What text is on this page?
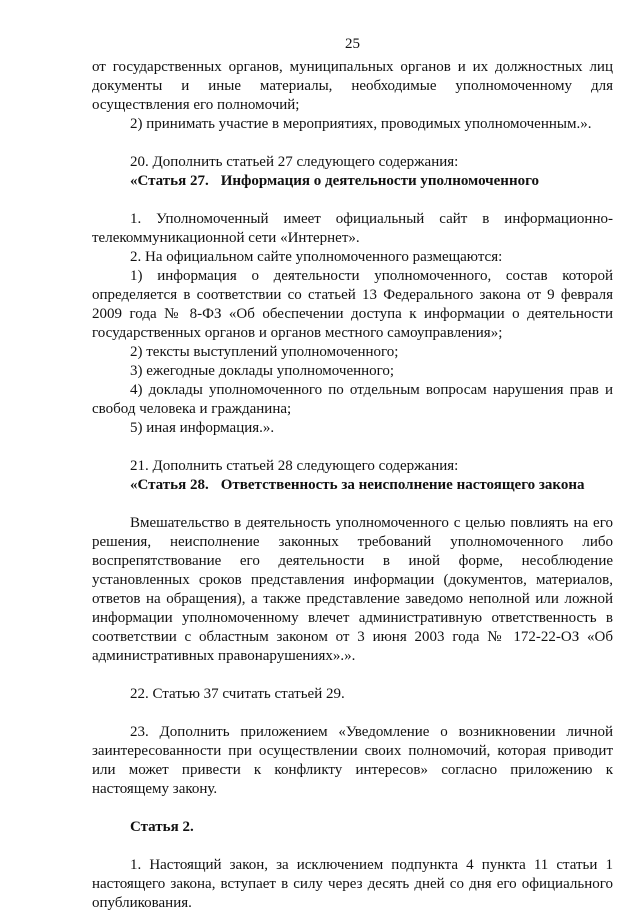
25

от государственных органов, муниципальных органов и их должностных лиц документы и иные материалы, необходимые уполномоченному для осуществления его полномочий;

2) принимать участие в мероприятиях, проводимых уполномоченным.».

20. Дополнить статьей 27 следующего содержания:

«Статья 27. Информация о деятельности уполномоченного

1. Уполномоченный имеет официальный сайт в информационно-телекоммуникационной сети «Интернет».

2. На официальном сайте уполномоченного размещаются:

1) информация о деятельности уполномоченного, состав которой определяется в соответствии со статьей 13 Федерального закона от 9 февраля 2009 года № 8-ФЗ «Об обеспечении доступа к информации о деятельности государственных органов и органов местного самоуправления»;

2) тексты выступлений уполномоченного;

3) ежегодные доклады уполномоченного;

4) доклады уполномоченного по отдельным вопросам нарушения прав и свобод человека и гражданина;

5) иная информация.».

21. Дополнить статьей 28 следующего содержания:

«Статья 28. Ответственность за неисполнение настоящего закона

Вмешательство в деятельность уполномоченного с целью повлиять на его решения, неисполнение законных требований уполномоченного либо воспрепятствование его деятельности в иной форме, несоблюдение установленных сроков представления информации (документов, материалов, ответов на обращения), а также представление заведомо неполной или ложной информации уполномоченному влечет административную ответственность в соответствии с областным законом от 3 июня 2003 года № 172-22-ОЗ «Об административных правонарушениях».».

22. Статью 37 считать статьей 29.

23. Дополнить приложением «Уведомление о возникновении личной заинтересованности при осуществлении своих полномочий, которая приводит или может привести к конфликту интересов» согласно приложению к настоящему закону.

Статья 2.

1. Настоящий закон, за исключением подпункта 4 пункта 11 статьи 1 настоящего закона, вступает в силу через десять дней со дня его официального опубликования.
